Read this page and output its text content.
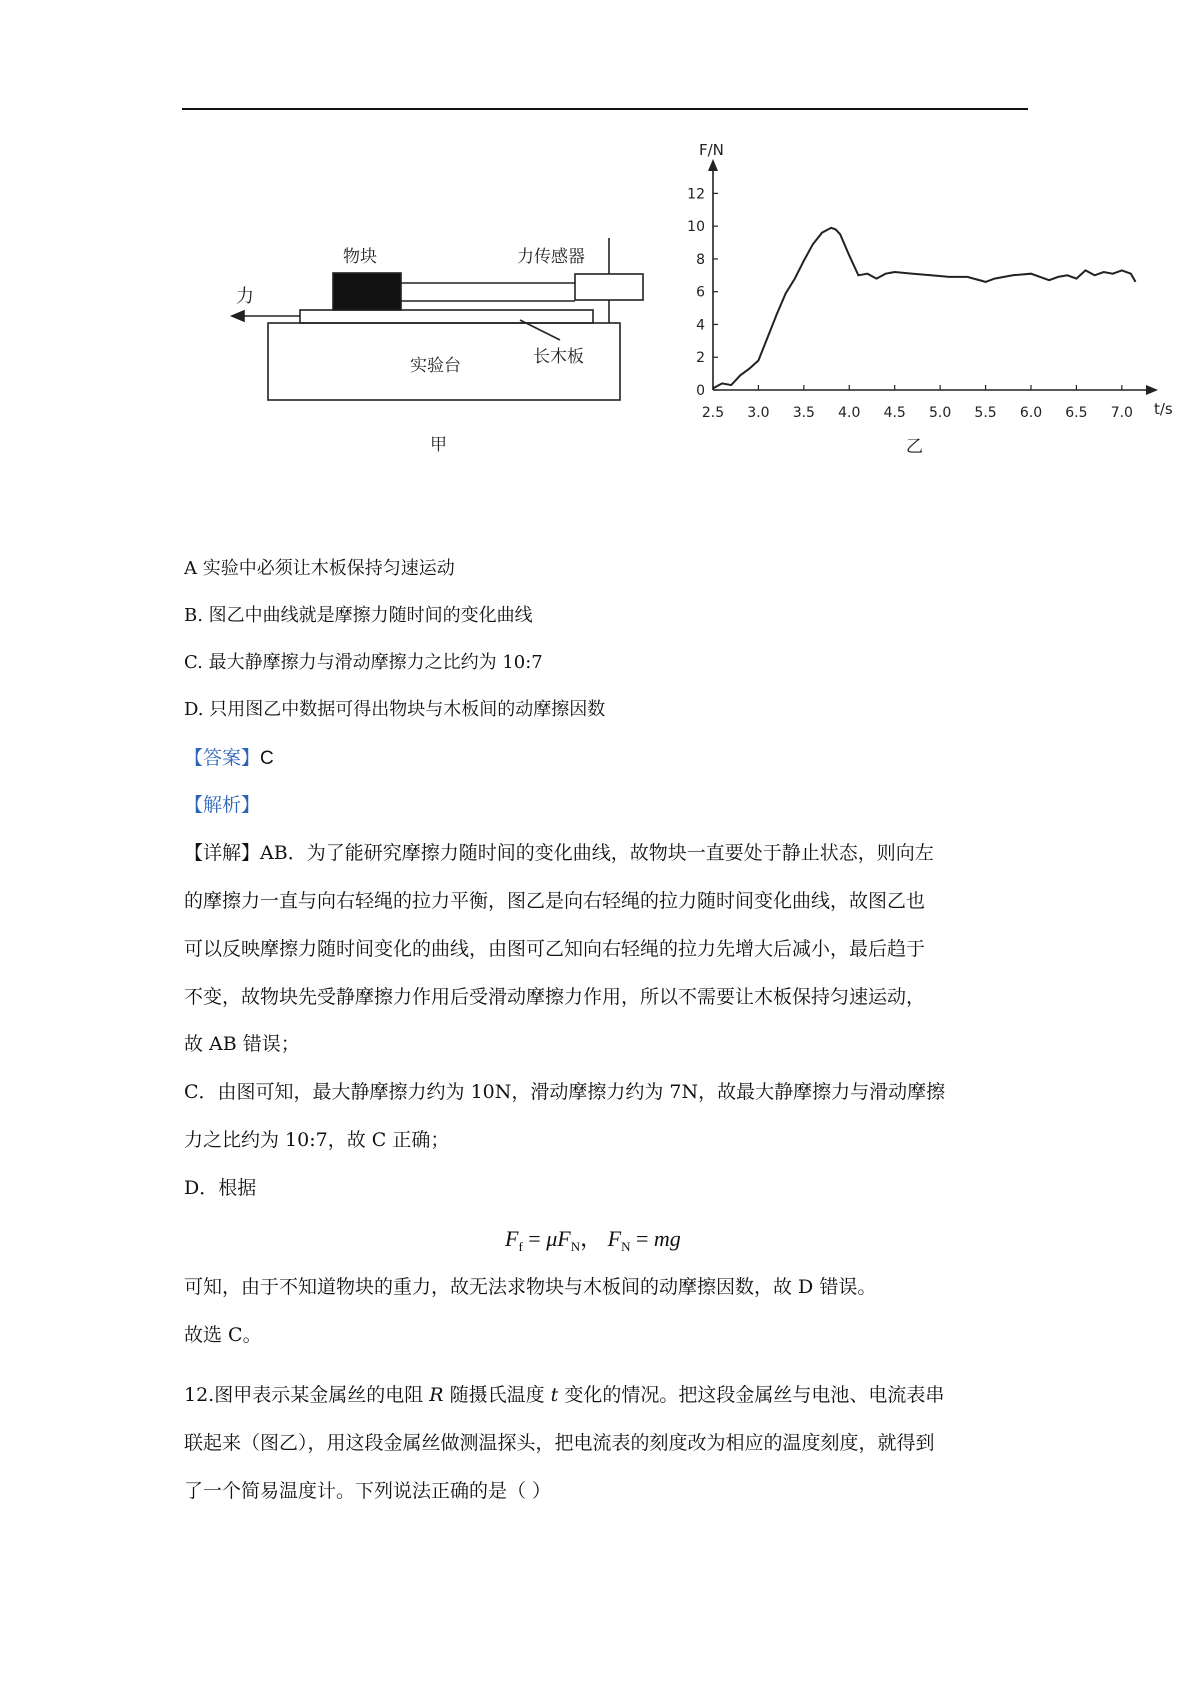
物块	力传感器
力
实验台	长木板
甲
0
2
4
6
8
10
12
2.5 3.0 3.5 4.0 4.5 5.0 5.5 6.0 6.5 7.0
F/N
t/s
乙
A 实验中必须让木板保持匀速运动
B. 图乙中曲线就是摩擦力随时间的变化曲线
C. 最大静摩擦力与滑动摩擦力之比约为 10:7
D. 只用图乙中数据可得出物块与木板间的动摩擦因数
【答案】C
【解析】
【详解】AB．为了能研究摩擦力随时间的变化曲线，故物块一直要处于静止状态，则向左
的摩擦力一直与向右轻绳的拉力平衡，图乙是向右轻绳的拉力随时间变化曲线，故图乙也
可以反映摩擦力随时间变化的曲线，由图可乙知向右轻绳的拉力先增大后减小，最后趋于
不变，故物块先受静摩擦力作用后受滑动摩擦力作用，所以不需要让木板保持匀速运动，
故 AB 错误；
C．由图可知，最大静摩擦力约为 10N，滑动摩擦力约为 7N，故最大静摩擦力与滑动摩擦
力之比约为 10:7，故 C 正确；
D．根据
$F_f = \mu F_N$， $F_N$ = mg
可知，由于不知道物块的重力，故无法求物块与木板间的动摩擦因数，故 D 错误。
故选 C。
12.图甲表示某金属丝的电阻 R 随摄氏温度 t 变化的情况。把这段金属丝与电池、电流表串
联起来（图乙），用这段金属丝做测温探头，把电流表的刻度改为相应的温度刻度，就得到
了一个简易温度计。下列说法正确的是（ ）
